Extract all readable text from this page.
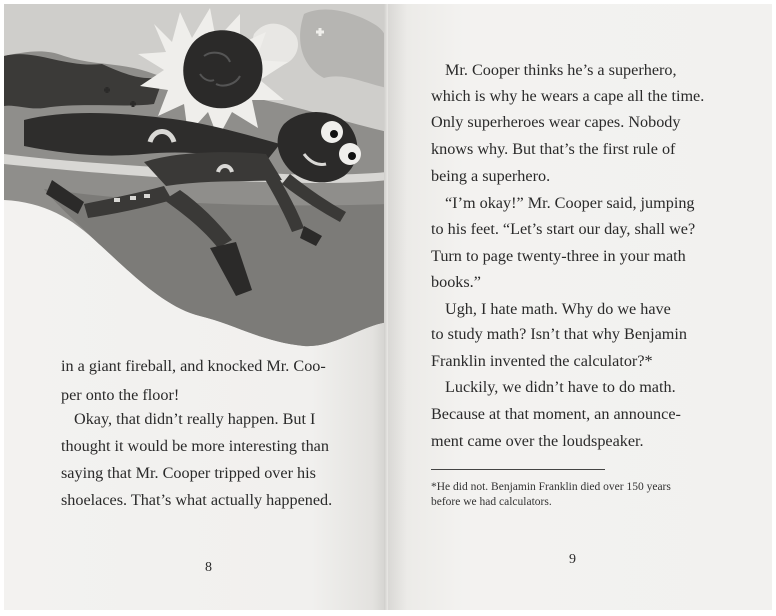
in a giant fireball, and knocked Mr. Coo-
per onto the floor!
Okay, that didn’t really happen. But I
thought it would be more interesting than
saying that Mr. Cooper tripped over his
shoelaces. That’s what actually happened.
8
Mr. Cooper thinks he’s a superhero,
which is why he wears a cape all the time.
Only superheroes wear capes. Nobody
knows why. But that’s the first rule of
being a superhero.
“I’m okay!” Mr. Cooper said, jumping
to his feet. “Let’s start our day, shall we?
Turn to page twenty-three in your math
books.”
Ugh, I hate math. Why do we have
to study math? Isn’t that why Benjamin
Franklin invented the calculator?*
Luckily, we didn’t have to do math.
Because at that moment, an announce-
ment came over the loudspeaker.
*He did not. Benjamin Franklin died over 150 years
before we had calculators.
9
